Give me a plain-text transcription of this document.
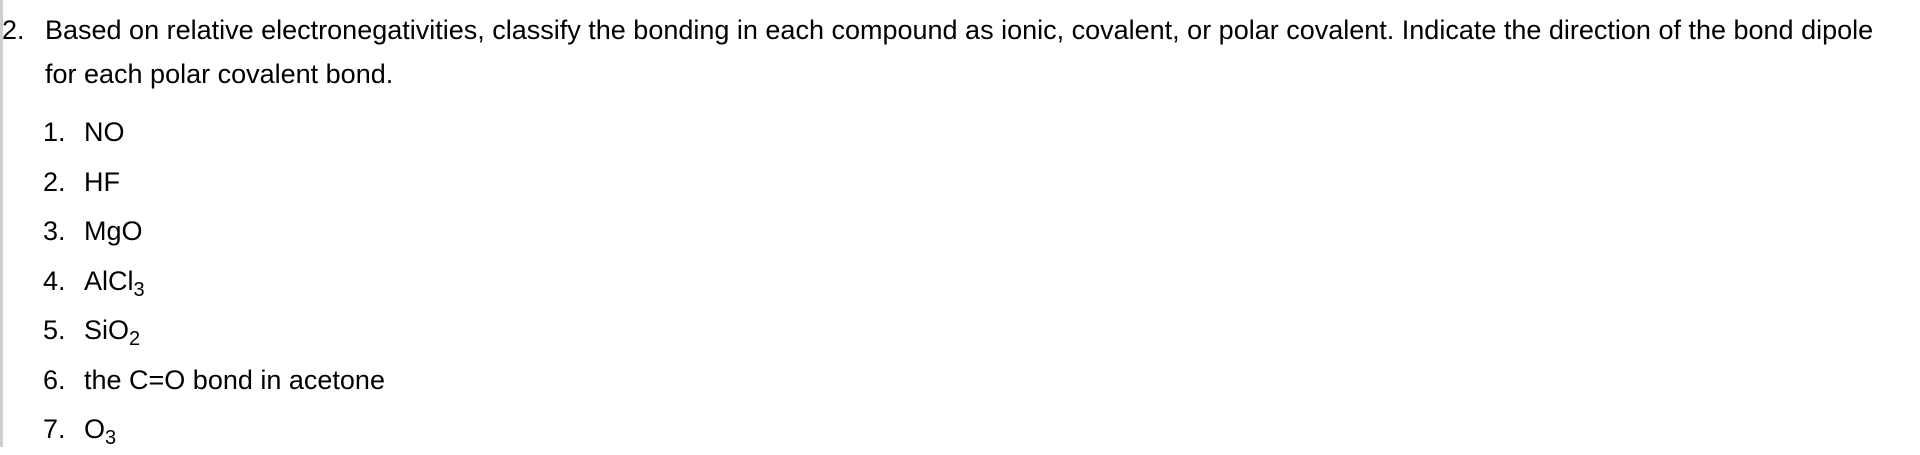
2. Based on relative electronegativities, classify the bonding in each compound as ionic, covalent, or polar covalent. Indicate the direction of the bond dipole for each polar covalent bond.
1. NO
2. HF
3. MgO
4. AlCl$_3$
5. SiO$_2$
6. the C=O bond in acetone
7. $O_3$
